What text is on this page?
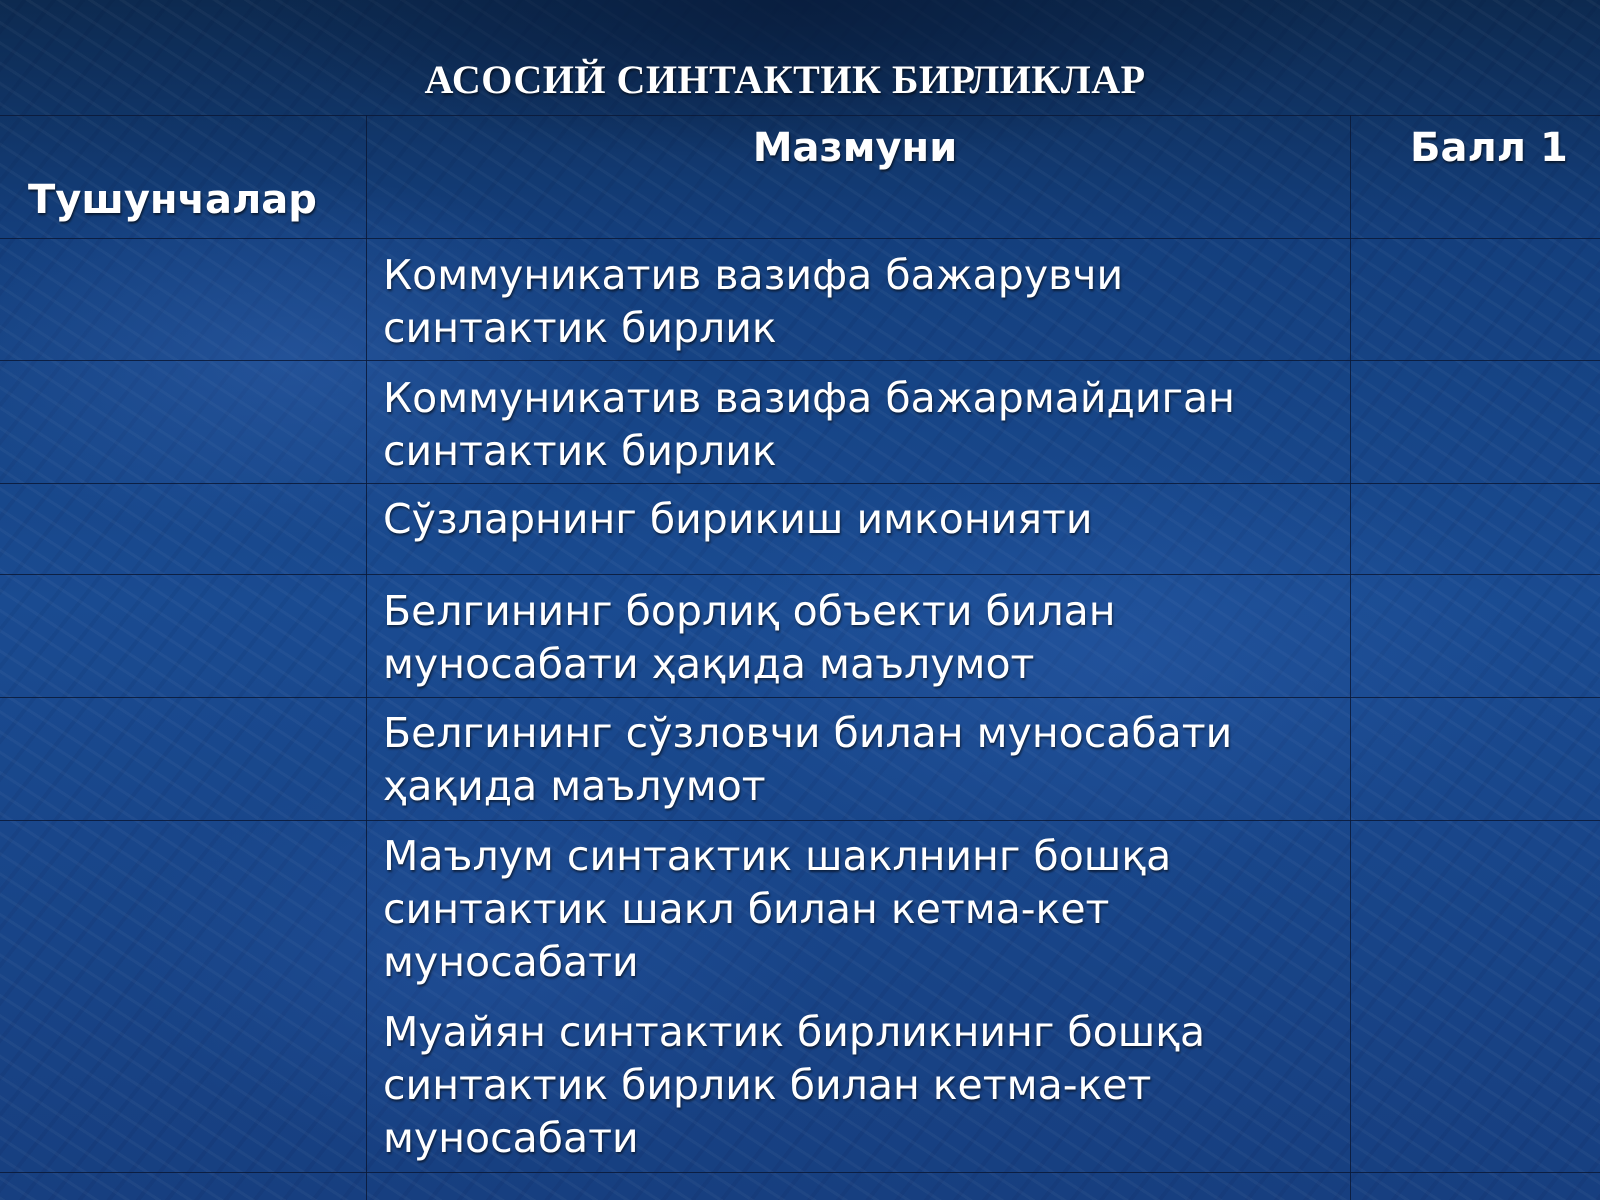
АСОСИЙ СИНТАКТИК БИРЛИКЛАР
Тушунчалар
Мазмуни	Балл 1
Коммуникатив вазифа бажарувчи
синтактик бирлик
Коммуникатив вазифа бажармайдиган
синтактик бирлик
Сўзларнинг бирикиш имконияти
Белгининг борлиқ объекти билан
муносабати ҳақида маълумот
Белгининг сўзловчи билан муносабати
ҳақида маълумот
Маълум синтактик шаклнинг бошқа
синтактик шакл билан кетма-кет
муносабати
Муайян синтактик бирликнинг бошқа
синтактик бирлик билан кетма-кет
муносабати
